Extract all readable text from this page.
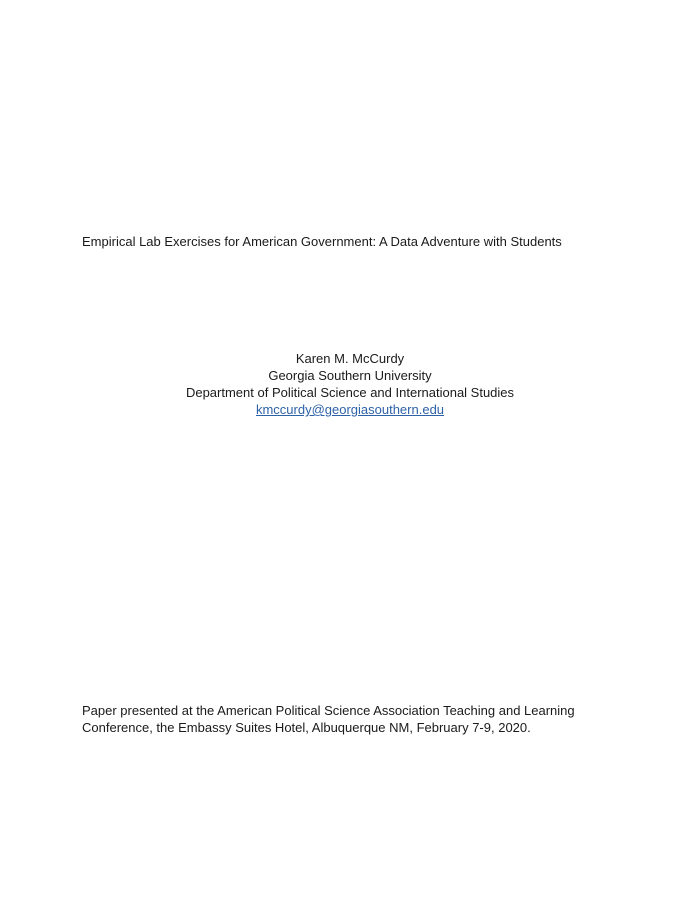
Empirical Lab Exercises for American Government: A Data Adventure with Students
Karen M. McCurdy
Georgia Southern University
Department of Political Science and International Studies
kmccurdy@georgiasouthern.edu
Paper presented at the American Political Science Association Teaching and Learning
Conference, the Embassy Suites Hotel, Albuquerque NM, February 7-9, 2020.
